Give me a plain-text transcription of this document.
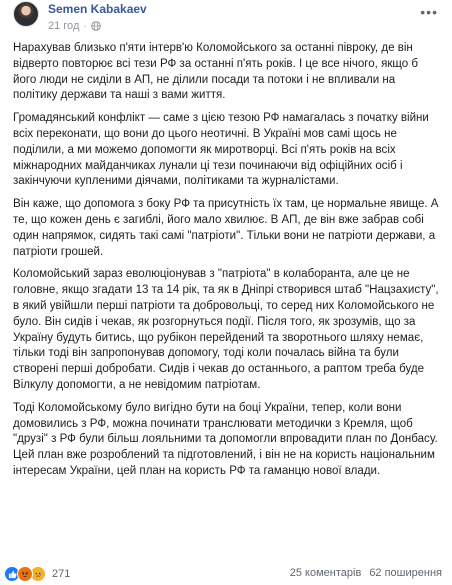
Semen Kabakaev
21 год ·
•••

Нарахував близько п'яти інтерв'ю Коломойського за останні півроку, де він відверто повторює всі тези РФ за останні п'ять років. І це все нічого, якщо б його люди не сиділи в АП, не ділили посади та потоки і не впливали на політику держави та наші з вами життя.

Громадянський конфлікт — саме з цією тезою РФ намагалась з початку війни всіх переконати, що вони до цього неотичні. В Україні мов самі щось не поділили, а ми можемо допомогти як миротворці. Всі п'ять років на всіх міжнародних майданчиках лунали ці тези починаючи від офіційних осіб і закінчуючи купленими діячами, політиками та журналістами.

Він каже, що допомога з боку РФ та присутність їх там, це нормальне явище. А те, що кожен день є загиблі, його мало хвилює. В АП, де він вже забрав собі один напрямок, сидять такі самі "патріоти". Тільки вони не патріоти держави, а патріоти грошей.

Коломойський зараз еволюціонував з "патріота" в колаборанта, але це не головне, якщо згадати 13 та 14 рік, та як в Дніпрі створився штаб "Нацзахисту", в який увійшли перші патріоти та добровольці, то серед них Коломойського не було. Він сидів і чекав, як розгорнуться події. Після того, як зрозумів, що за Україну будуть битись, що рубікон перейдений та зворотнього шляху немає, тільки тоді він запропонував допомогу, тоді коли почалась війна та були створені перші добробати. Сидів і чекав до останнього, а раптом треба буде Вілкулу допомогти, а не невідомим патріотам.

Тоді Коломойському було вигідно бути на боці України, тепер, коли вони домовились з РФ, можна починати транслювати методички з Кремля, щоб "друзі" з РФ були більш лояльними та допомогли впровадити план по Донбасу. Цей план вже розроблений та підготовлений, і він не на користь національним інтересам України, цей план на користь РФ та гаманцю нової влади.

271	25 коментарів 62 поширення
